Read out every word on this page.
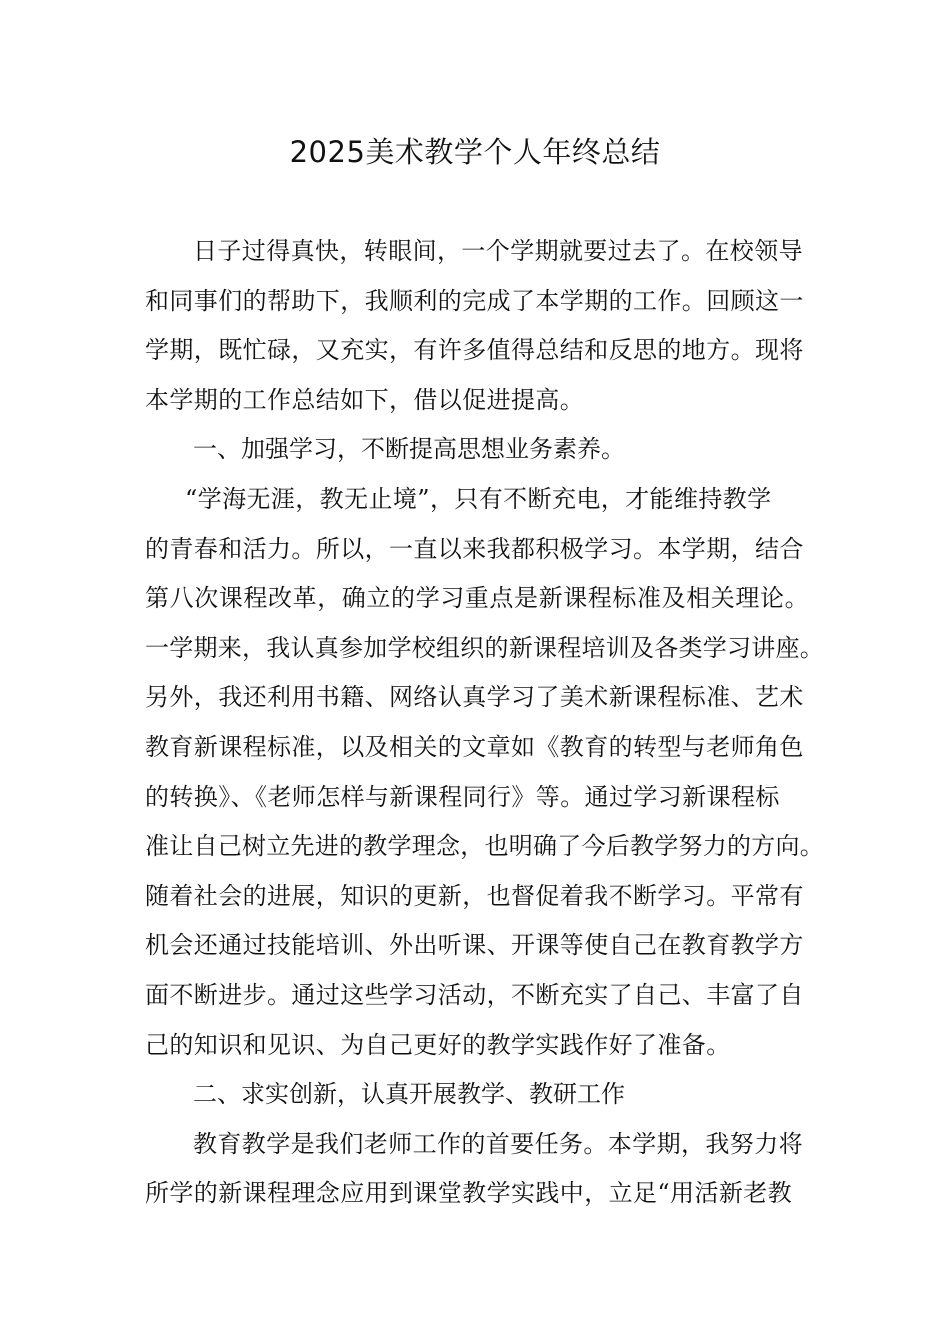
2025美术教学个人年终总结
日子过得真快，转眼间，一个学期就要过去了。在校领导
和同事们的帮助下，我顺利的完成了本学期的工作。回顾这一
学期，既忙碌，又充实，有许多值得总结和反思的地方。现将
本学期的工作总结如下，借以促进提高。
一、加强学习，不断提高思想业务素养。
“学海无涯，教无止境”，只有不断充电，才能维持教学
的青春和活力。所以，一直以来我都积极学习。本学期，结合
第八次课程改革，确立的学习重点是新课程标准及相关理论。
一学期来，我认真参加学校组织的新课程培训及各类学习讲座。
另外，我还利用书籍、网络认真学习了美术新课程标准、艺术
教育新课程标准，以及相关的文章如《教育的转型与老师角色
的转换》、《老师怎样与新课程同行》等。通过学习新课程标
准让自己树立先进的教学理念，也明确了今后教学努力的方向。
随着社会的进展，知识的更新，也督促着我不断学习。平常有
机会还通过技能培训、外出听课、开课等使自己在教育教学方
面不断进步。通过这些学习活动，不断充实了自己、丰富了自
己的知识和见识、为自己更好的教学实践作好了准备。
二、求实创新，认真开展教学、教研工作
教育教学是我们老师工作的首要任务。本学期，我努力将
所学的新课程理念应用到课堂教学实践中，立足“用活新老教
